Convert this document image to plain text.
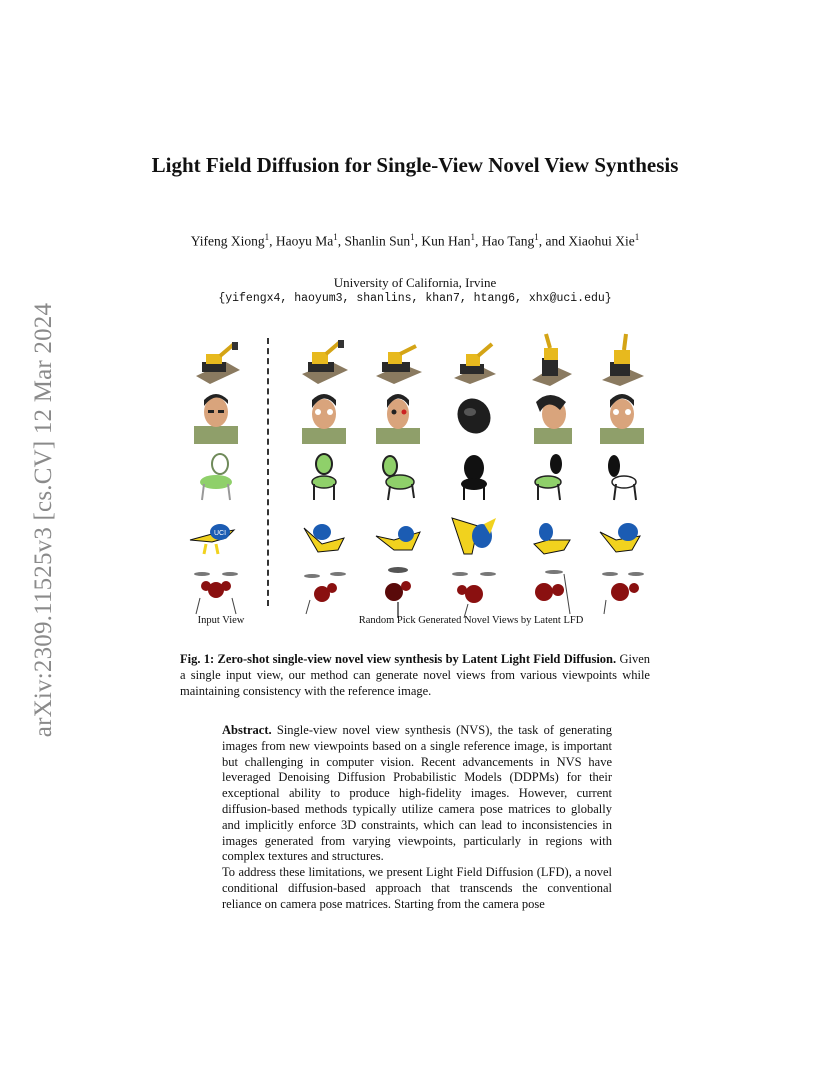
arXiv:2309.11525v3 [cs.CV] 12 Mar 2024
Light Field Diffusion for Single-View Novel View Synthesis
Yifeng Xiong$^1$, Haoyu Ma$^1$, Shanlin Sun$^1$, Kun Han$^1$, Hao Tang$^1$, and Xiaohui Xie$^1$
University of California, Irvine
{yifengx4, haoyum3, shanlins, khan7, htang6, xhx@uci.edu}
UCI
Input View	Random Pick Generated Novel Views by Latent LFD
Fig. 1: Zero-shot single-view novel view synthesis by Latent Light Field Diffusion. Given a single input view, our method can generate novel views from various viewpoints while maintaining consistency with the reference image.

Abstract. Single-view novel view synthesis (NVS), the task of generating images from new viewpoints based on a single reference image, is important but challenging in computer vision. Recent advancements in NVS have leveraged Denoising Diffusion Probabilistic Models (DDPMs) for their exceptional ability to produce high-fidelity images. However, current diffusion-based methods typically utilize camera pose matrices to globally and implicitly enforce 3D constraints, which can lead to inconsistencies in images generated from varying viewpoints, particularly in regions with complex textures and structures.

To address these limitations, we present Light Field Diffusion (LFD), a novel conditional diffusion-based approach that transcends the conventional reliance on camera pose matrices. Starting from the camera pose
